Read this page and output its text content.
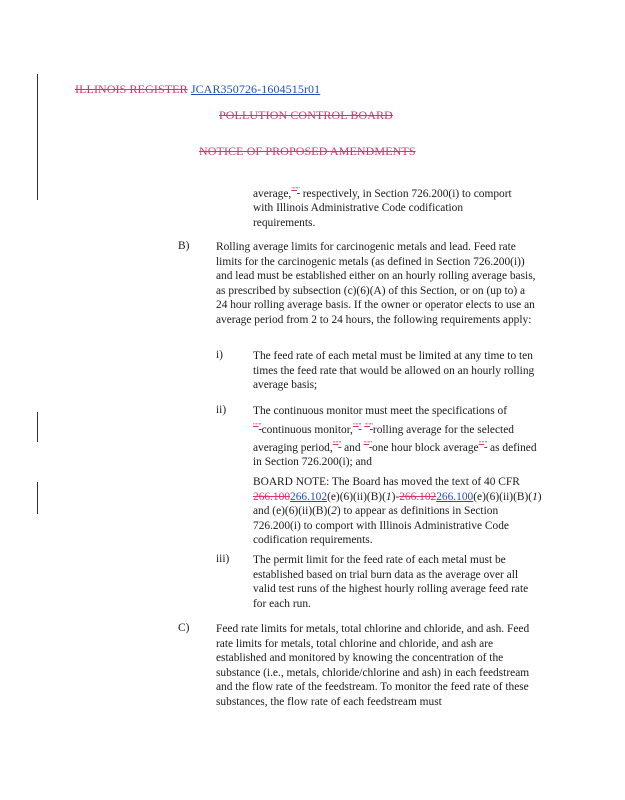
ILLINOIS REGISTER JCAR350726-1604515r01
POLLUTION CONTROL BOARD
NOTICE OF PROPOSED AMENDMENTS
average,""" respectively, in Section 726.200(i) to comport
with Illinois Administrative Code codification
requirements.
B) Rolling average limits for carcinogenic metals and lead. Feed rate limits for the carcinogenic metals (as defined in Section 726.200(i)) and lead must be established either on an hourly rolling average basis, as prescribed by subsection (c)(6)(A) of this Section, or on (up to) a 24 hour rolling average basis. If the owner or operator elects to use an average period from 2 to 24 hours, the following requirements apply:
i)	The feed rate of each metal must be limited at any time to ten times the feed rate that would be allowed on an hourly rolling average basis;
ii) The continuous monitor must meet the specifications of """continuous monitor,""" """rolling average for the selected averaging period,""" and """one hour block average""" as defined in Section 726.200(i); and
BOARD NOTE: The Board has moved the text of 40 CFR 266.100266.102(e)(6)(ii)(B)(1)-266.102266.100(e)(6)(ii)(B)(1) and (e)(6)(ii)(B)(2) to appear as definitions in Section 726.200(i) to comport with Illinois Administrative Code codification requirements.
iii) The permit limit for the feed rate of each metal must be established based on trial burn data as the average over all valid test runs of the highest hourly rolling average feed rate for each run.
C) Feed rate limits for metals, total chlorine and chloride, and ash. Feed rate limits for metals, total chlorine and chloride, and ash are established and monitored by knowing the concentration of the substance (i.e., metals, chloride/chlorine and ash) in each feedstream and the flow rate of the feedstream. To monitor the feed rate of these substances, the flow rate of each feedstream must
